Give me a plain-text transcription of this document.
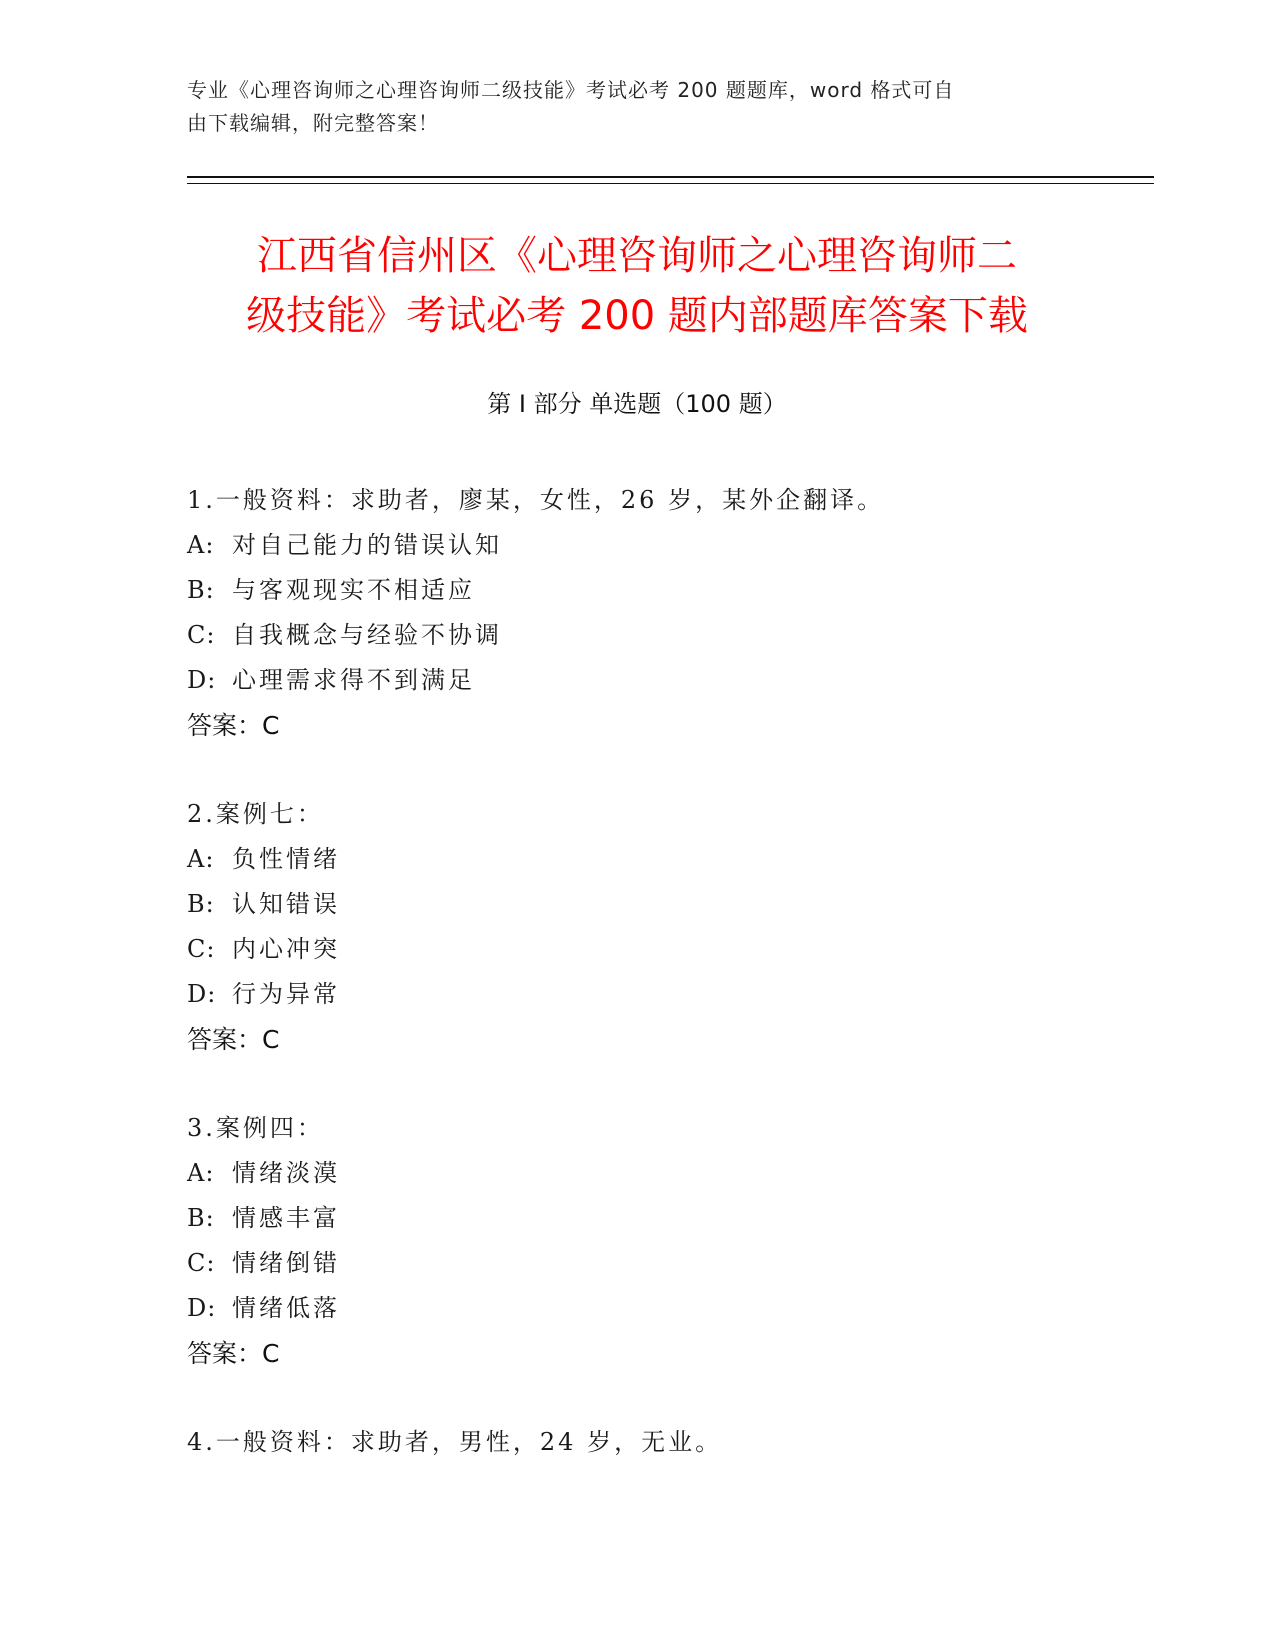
专业《心理咨询师之心理咨询师二级技能》考试必考 200 题题库，word 格式可自
由下载编辑，附完整答案！
江西省信州区《心理咨询师之心理咨询师二
级技能》考试必考 200 题内部题库答案下载
第 I 部分 单选题（100 题）
1.一般资料：求助者，廖某，女性，26 岁，某外企翻译。
A: 对自己能力的错误认知
B: 与客观现实不相适应
C: 自我概念与经验不协调
D: 心理需求得不到满足
答案：C
2.案例七：
A: 负性情绪
B: 认知错误
C: 内心冲突
D: 行为异常
答案：C
3.案例四：
A: 情绪淡漠
B: 情感丰富
C: 情绪倒错
D: 情绪低落
答案：C
4.一般资料：求助者，男性，24 岁，无业。
